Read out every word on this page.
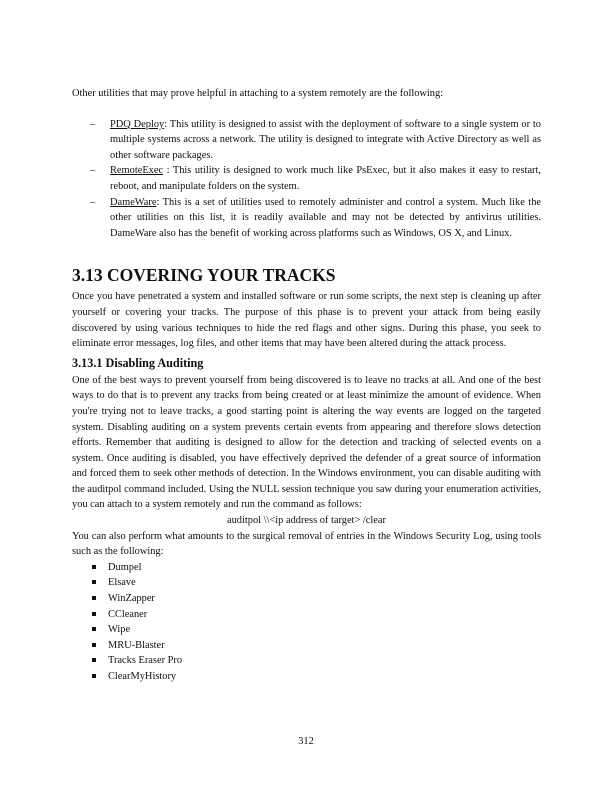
Other utilities that may prove helpful in attaching to a system remotely are the following:

– PDQ Deploy: This utility is designed to assist with the deployment of software to a single system or to multiple systems across a network. The utility is designed to integrate with Active Directory as well as other software packages.
– RemoteExec : This utility is designed to work much like PsExec, but it also makes it easy to restart, reboot, and manipulate folders on the system.
– DameWare: This is a set of utilities used to remotely administer and control a system. Much like the other utilities on this list, it is readily available and may not be detected by antivirus utilities. DameWare also has the benefit of working across platforms such as Windows, OS X, and Linux.
3.13 COVERING YOUR TRACKS

Once you have penetrated a system and installed software or run some scripts, the next step is cleaning up after yourself or covering your tracks. The purpose of this phase is to prevent your attack from being easily discovered by using various techniques to hide the red flags and other signs. During this phase, you seek to eliminate error messages, log files, and other items that may have been altered during the attack process.

3.13.1 Disabling Auditing

One of the best ways to prevent yourself from being discovered is to leave no tracks at all. And one of the best ways to do that is to prevent any tracks from being created or at least minimize the amount of evidence. When you're trying not to leave tracks, a good starting point is altering the way events are logged on the targeted system. Disabling auditing on a system prevents certain events from appearing and therefore slows detection efforts. Remember that auditing is designed to allow for the detection and tracking of selected events on a system. Once auditing is disabled, you have effectively deprived the defender of a great source of information and forced them to seek other methods of detection. In the Windows environment, you can disable auditing with the auditpol command included. Using the NULL session technique you saw during your enumeration activities, you can attach to a system remotely and run the command as follows:

auditpol \\<ip address of target> /clear

You can also perform what amounts to the surgical removal of entries in the Windows Security Log, using tools such as the following:

Dumpel
Elsave
WinZapper
CCleaner
Wipe
MRU-Blaster
Tracks Eraser Pro
ClearMyHistory
312
